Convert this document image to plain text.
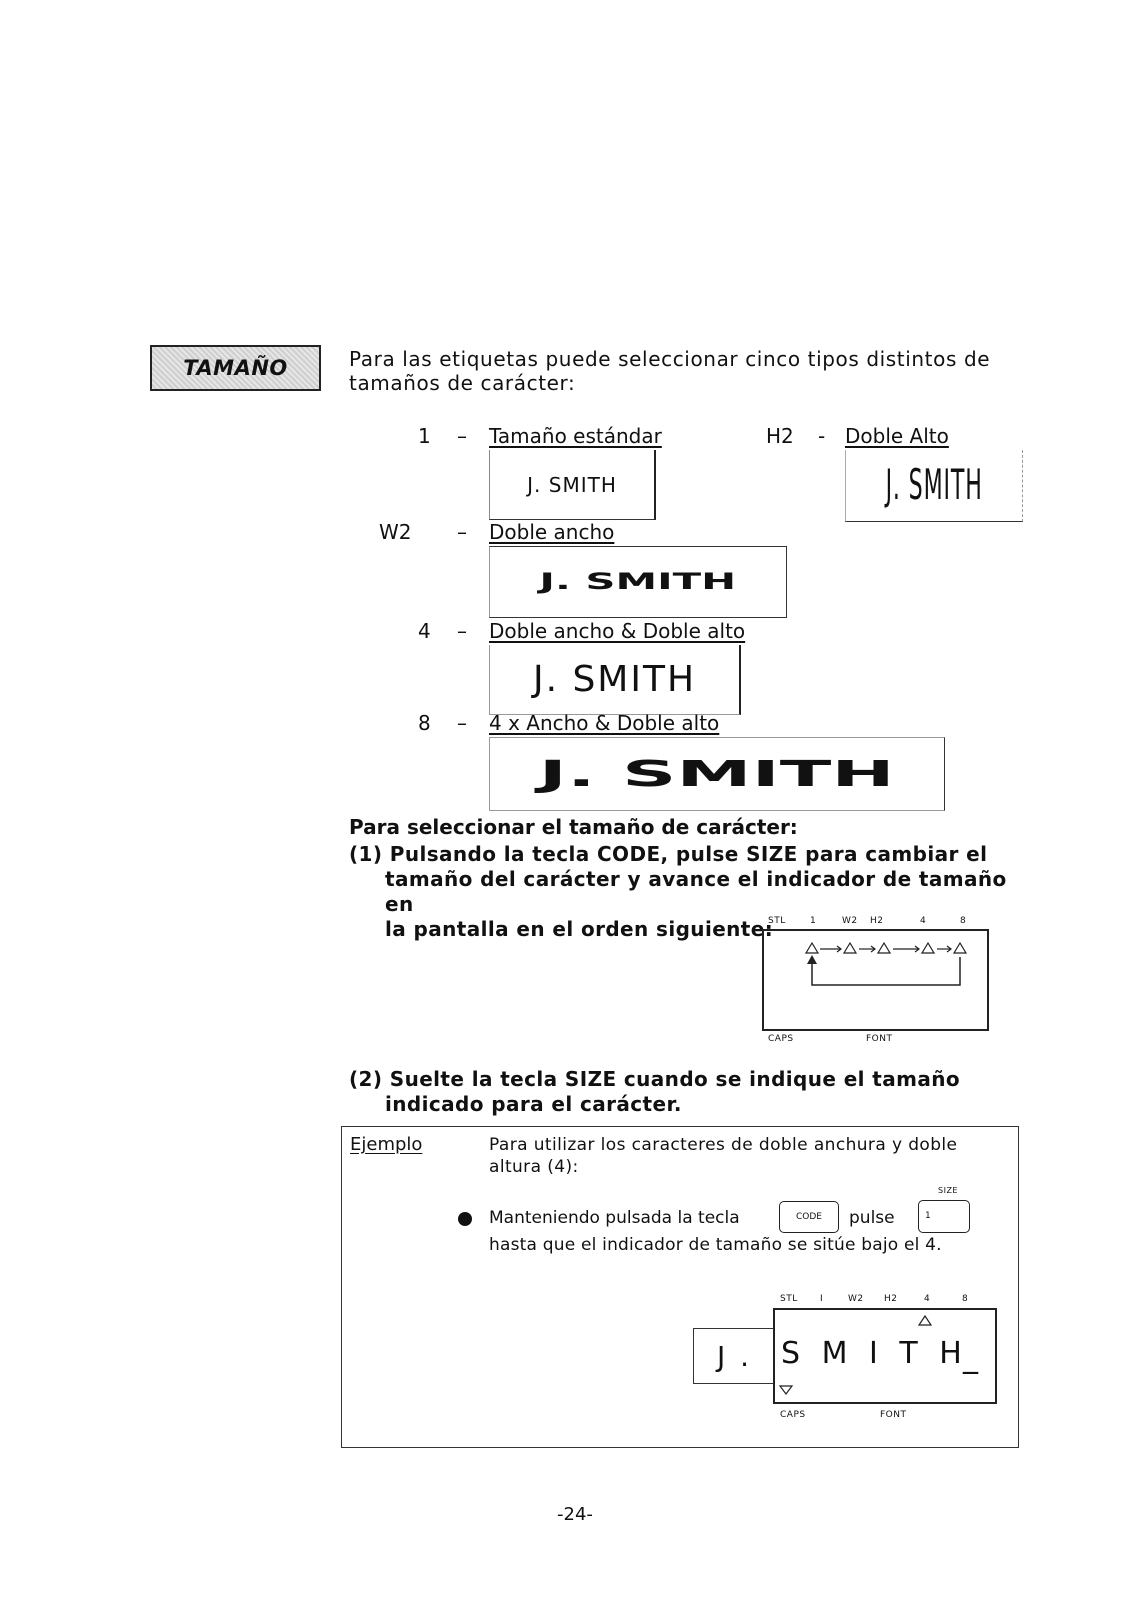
TAMAÑO	Para las etiquetas puede seleccionar cinco tipos distintos de
tamaños de carácter:
1 – Tamaño estándar
J. SMITH
H2 - Doble Alto
J. SMITH
W2 – Doble ancho
J. SMITH
4 – Doble ancho & Doble alto
J. SMITH
8 – 4 x Ancho & Doble alto
J. SMITH
Para seleccionar el tamaño de carácter:
(1) Pulsando la tecla CODE, pulse SIZE para cambiar el
tamaño del carácter y avance el indicador de tamaño en
la pantalla en el orden siguiente:
STL	1	W2 H2	4	8
CAPS	FONT
(2) Suelte la tecla SIZE cuando se indique el tamaño
indicado para el carácter.
Ejemplo	Para utilizar los caracteres de doble anchura y doble
altura (4):
SIZE
Manteniendo pulsada la tecla	CODE pulse	1
hasta que el indicador de tamaño se sitúe bajo el 4.
STL I	W2 H2	4	8
J . S M I T H
_
CAPS	FONT
-24-
